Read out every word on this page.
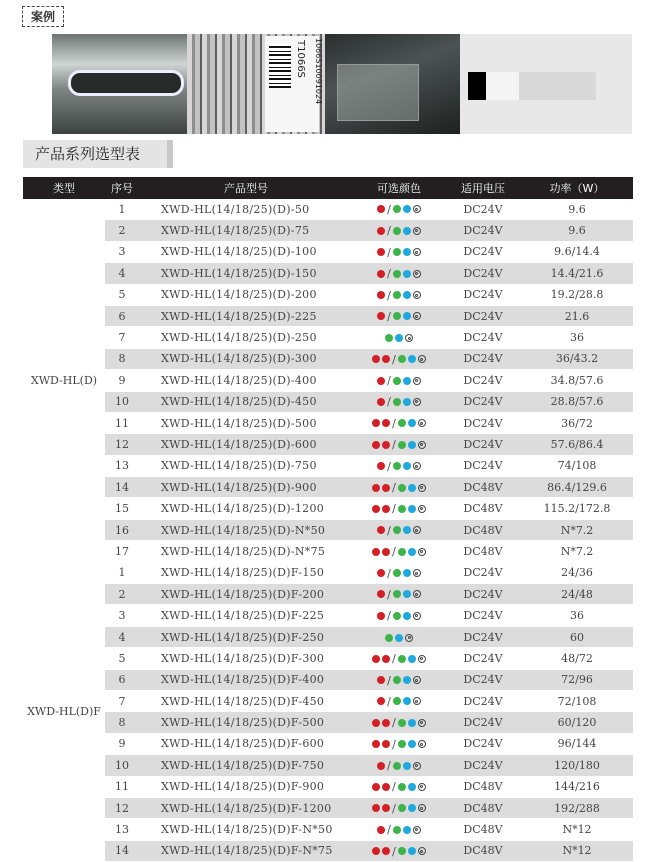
案例
T1066S	1066S10091024
产品系列选型表
类型	序号	产品型号	可选颜色	适用电压	功率（W）
XWD-HL(D)	1	XWD-HL(14/18/25)(D)-50	/	DC24V	9.6
	2	XWD-HL(14/18/25)(D)-75	/	DC24V	9.6
	3	XWD-HL(14/18/25)(D)-100	/	DC24V	9.6/14.4
	4	XWD-HL(14/18/25)(D)-150	/	DC24V	14.4/21.6
	5	XWD-HL(14/18/25)(D)-200	/	DC24V	19.2/28.8
	6	XWD-HL(14/18/25)(D)-225	/	DC24V	21.6
	7	XWD-HL(14/18/25)(D)-250		DC24V	36
	8	XWD-HL(14/18/25)(D)-300	/	DC24V	36/43.2
	9	XWD-HL(14/18/25)(D)-400	/	DC24V	34.8/57.6
	10	XWD-HL(14/18/25)(D)-450	/	DC24V	28.8/57.6
	11	XWD-HL(14/18/25)(D)-500	/	DC24V	36/72
	12	XWD-HL(14/18/25)(D)-600	/	DC24V	57.6/86.4
	13	XWD-HL(14/18/25)(D)-750	/	DC24V	74/108
	14	XWD-HL(14/18/25)(D)-900	/	DC48V	86.4/129.6
	15	XWD-HL(14/18/25)(D)-1200	/	DC48V	115.2/172.8
	16	XWD-HL(14/18/25)(D)-N*50	/	DC48V	N*7.2
	17	XWD-HL(14/18/25)(D)-N*75	/	DC48V	N*7.2
XWD-HL(D)F	1	XWD-HL(14/18/25)(D)F-150	/	DC24V	24/36
	2	XWD-HL(14/18/25)(D)F-200	/	DC24V	24/48
	3	XWD-HL(14/18/25)(D)F-225	/	DC24V	36
	4	XWD-HL(14/18/25)(D)F-250		DC24V	60
	5	XWD-HL(14/18/25)(D)F-300	/	DC24V	48/72
	6	XWD-HL(14/18/25)(D)F-400	/	DC24V	72/96
	7	XWD-HL(14/18/25)(D)F-450	/	DC24V	72/108
	8	XWD-HL(14/18/25)(D)F-500	/	DC24V	60/120
	9	XWD-HL(14/18/25)(D)F-600	/	DC24V	96/144
	10	XWD-HL(14/18/25)(D)F-750	/	DC24V	120/180
	11	XWD-HL(14/18/25)(D)F-900	/	DC48V	144/216
	12	XWD-HL(14/18/25)(D)F-1200	/	DC48V	192/288
	13	XWD-HL(14/18/25)(D)F-N*50	/	DC48V	N*12
	14	XWD-HL(14/18/25)(D)F-N*75	/	DC48V	N*12
